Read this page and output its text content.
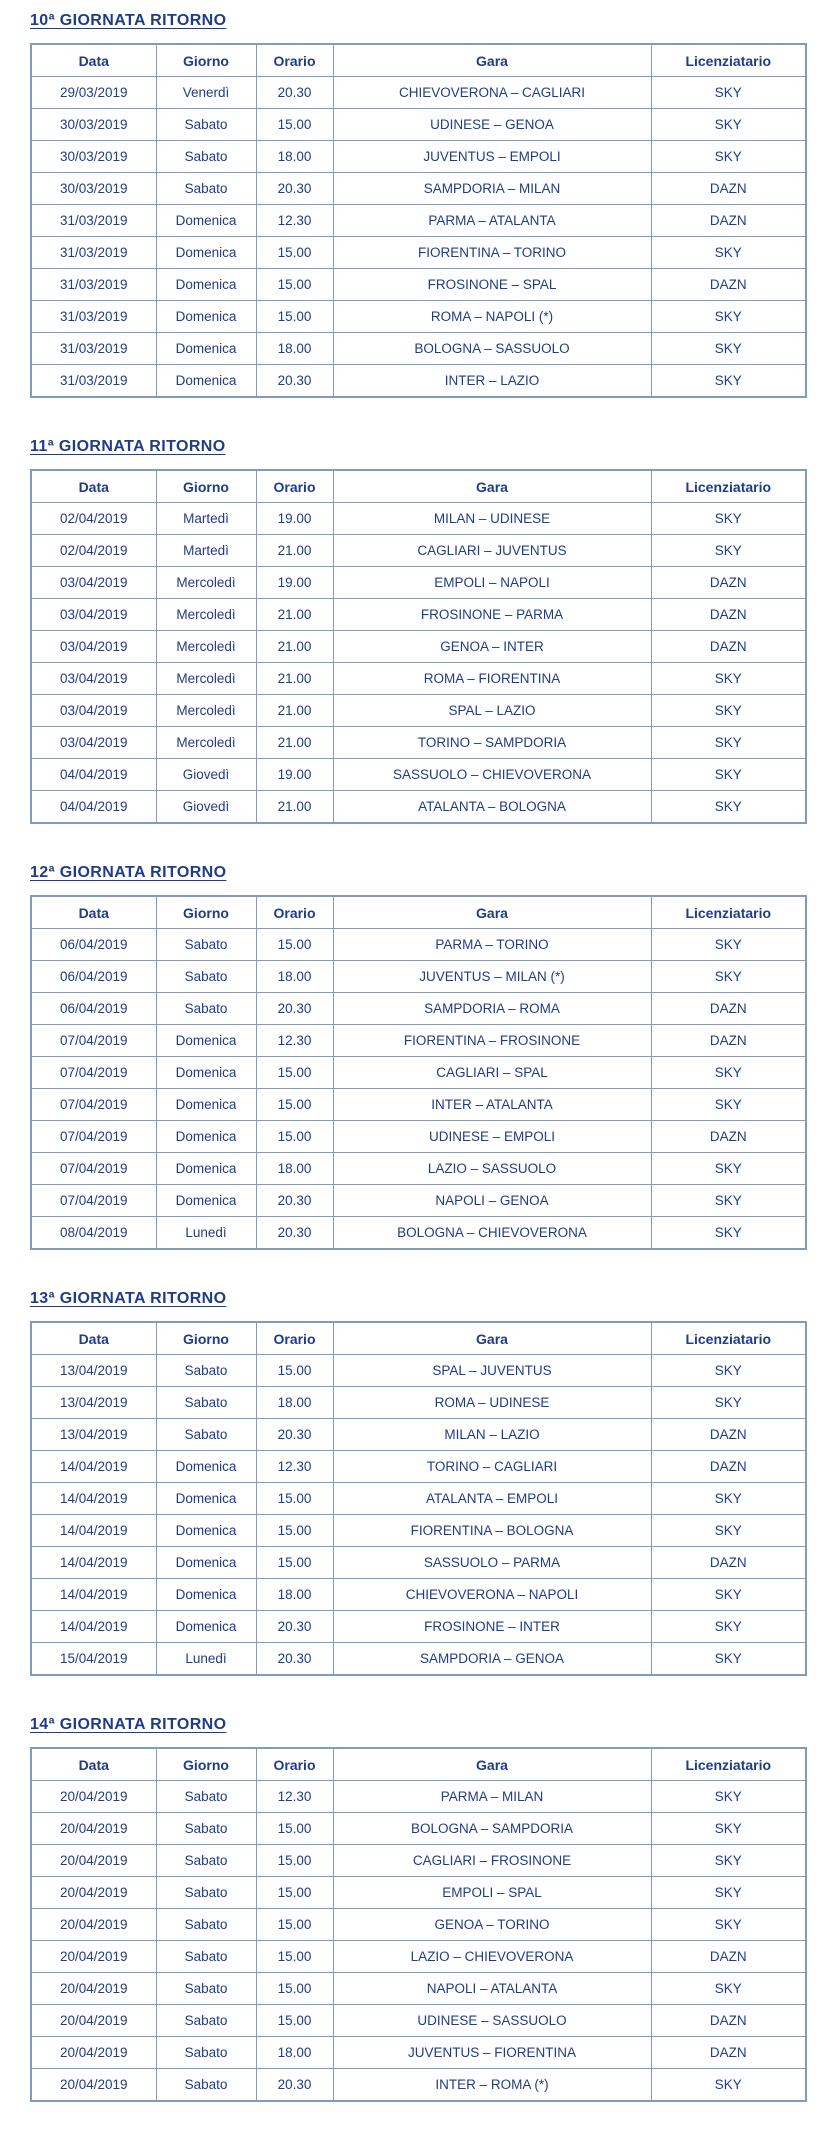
10ª GIORNATA RITORNO
Data	Giorno	Orario	Gara	Licenziatario
29/03/2019	Venerdì	20.30	CHIEVOVERONA – CAGLIARI	SKY
30/03/2019	Sabato	15.00	UDINESE – GENOA	SKY
30/03/2019	Sabato	18.00	JUVENTUS – EMPOLI	SKY
30/03/2019	Sabato	20.30	SAMPDORIA – MILAN	DAZN
31/03/2019	Domenica	12.30	PARMA – ATALANTA	DAZN
31/03/2019	Domenica	15.00	FIORENTINA – TORINO	SKY
31/03/2019	Domenica	15.00	FROSINONE – SPAL	DAZN
31/03/2019	Domenica	15.00	ROMA – NAPOLI (*)	SKY
31/03/2019	Domenica	18.00	BOLOGNA – SASSUOLO	SKY
31/03/2019	Domenica	20.30	INTER – LAZIO	SKY
11ª GIORNATA RITORNO
Data	Giorno	Orario	Gara	Licenziatario
02/04/2019	Martedì	19.00	MILAN – UDINESE	SKY
02/04/2019	Martedì	21.00	CAGLIARI – JUVENTUS	SKY
03/04/2019	Mercoledì	19.00	EMPOLI – NAPOLI	DAZN
03/04/2019	Mercoledì	21.00	FROSINONE – PARMA	DAZN
03/04/2019	Mercoledì	21.00	GENOA – INTER	DAZN
03/04/2019	Mercoledì	21.00	ROMA – FIORENTINA	SKY
03/04/2019	Mercoledì	21.00	SPAL – LAZIO	SKY
03/04/2019	Mercoledì	21.00	TORINO – SAMPDORIA	SKY
04/04/2019	Giovedì	19.00	SASSUOLO – CHIEVOVERONA	SKY
04/04/2019	Giovedì	21.00	ATALANTA – BOLOGNA	SKY
12ª GIORNATA RITORNO
Data	Giorno	Orario	Gara	Licenziatario
06/04/2019	Sabato	15.00	PARMA – TORINO	SKY
06/04/2019	Sabato	18.00	JUVENTUS – MILAN (*)	SKY
06/04/2019	Sabato	20.30	SAMPDORIA – ROMA	DAZN
07/04/2019	Domenica	12.30	FIORENTINA – FROSINONE	DAZN
07/04/2019	Domenica	15.00	CAGLIARI – SPAL	SKY
07/04/2019	Domenica	15.00	INTER – ATALANTA	SKY
07/04/2019	Domenica	15.00	UDINESE – EMPOLI	DAZN
07/04/2019	Domenica	18.00	LAZIO – SASSUOLO	SKY
07/04/2019	Domenica	20.30	NAPOLI – GENOA	SKY
08/04/2019	Lunedì	20.30	BOLOGNA – CHIEVOVERONA	SKY
13ª GIORNATA RITORNO
Data	Giorno	Orario	Gara	Licenziatario
13/04/2019	Sabato	15.00	SPAL – JUVENTUS	SKY
13/04/2019	Sabato	18.00	ROMA – UDINESE	SKY
13/04/2019	Sabato	20.30	MILAN – LAZIO	DAZN
14/04/2019	Domenica	12.30	TORINO – CAGLIARI	DAZN
14/04/2019	Domenica	15.00	ATALANTA – EMPOLI	SKY
14/04/2019	Domenica	15.00	FIORENTINA – BOLOGNA	SKY
14/04/2019	Domenica	15.00	SASSUOLO – PARMA	DAZN
14/04/2019	Domenica	18.00	CHIEVOVERONA – NAPOLI	SKY
14/04/2019	Domenica	20.30	FROSINONE – INTER	SKY
15/04/2019	Lunedì	20.30	SAMPDORIA – GENOA	SKY
14ª GIORNATA RITORNO
Data	Giorno	Orario	Gara	Licenziatario
20/04/2019	Sabato	12.30	PARMA – MILAN	SKY
20/04/2019	Sabato	15.00	BOLOGNA – SAMPDORIA	SKY
20/04/2019	Sabato	15.00	CAGLIARI – FROSINONE	SKY
20/04/2019	Sabato	15.00	EMPOLI – SPAL	SKY
20/04/2019	Sabato	15.00	GENOA – TORINO	SKY
20/04/2019	Sabato	15.00	LAZIO – CHIEVOVERONA	DAZN
20/04/2019	Sabato	15.00	NAPOLI – ATALANTA	SKY
20/04/2019	Sabato	15.00	UDINESE – SASSUOLO	DAZN
20/04/2019	Sabato	18.00	JUVENTUS – FIORENTINA	DAZN
20/04/2019	Sabato	20.30	INTER – ROMA (*)	SKY
